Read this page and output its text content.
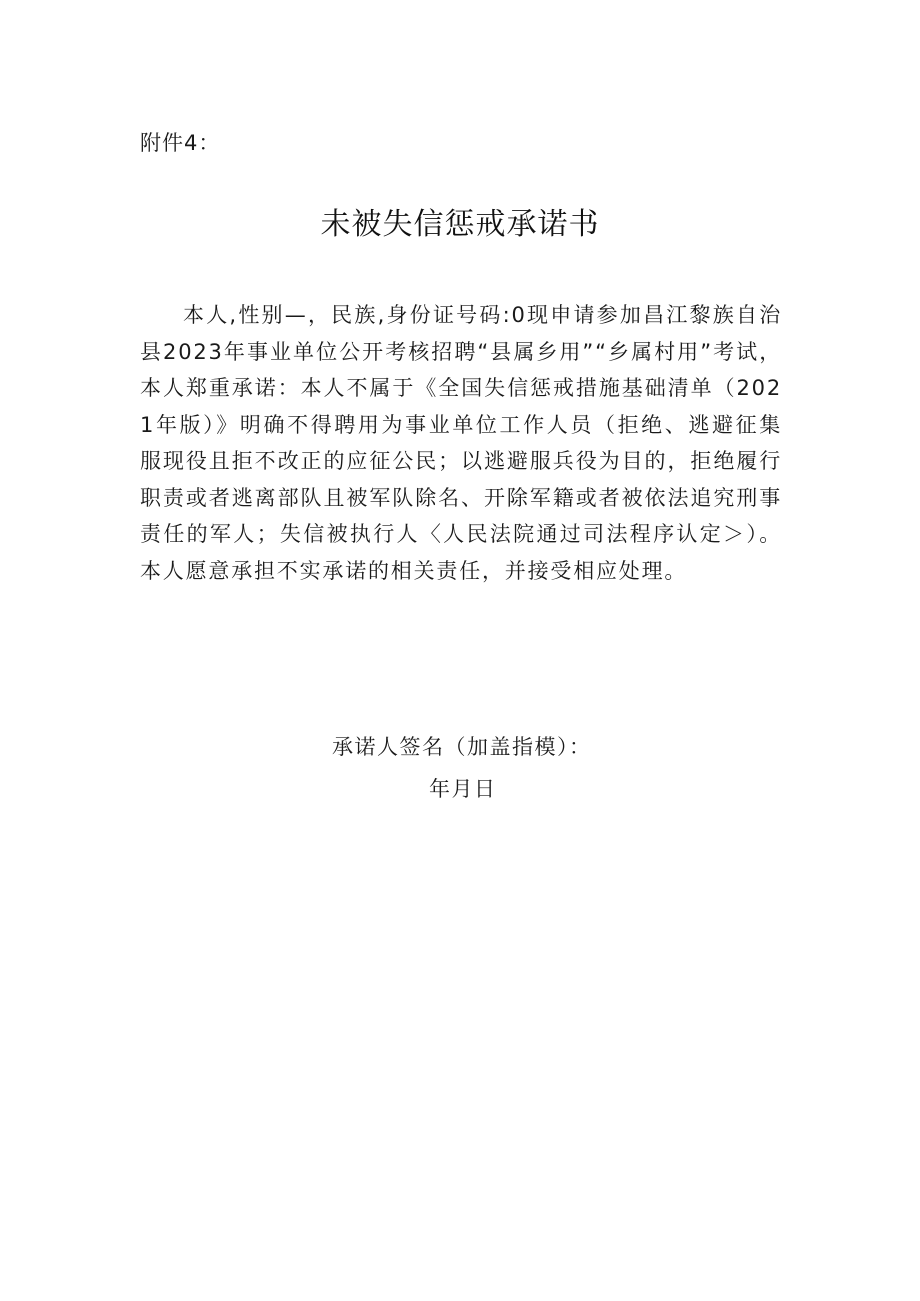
附件4：
未被失信惩戒承诺书

本人,性别—，民族,身份证号码:0现申请参加昌江黎族自治县2023年事业单位公开考核招聘“县属乡用”“乡属村用”考试，本人郑重承诺：本人不属于《全国失信惩戒措施基础清单（2021年版）》明确不得聘用为事业单位工作人员（拒绝、逃避征集服现役且拒不改正的应征公民；以逃避服兵役为目的，拒绝履行职责或者逃离部队且被军队除名、开除军籍或者被依法追究刑事责任的军人；失信被执行人〈人民法院通过司法程序认定＞）。本人愿意承担不实承诺的相关责任，并接受相应处理。

承诺人签名（加盖指模）：
年月日
